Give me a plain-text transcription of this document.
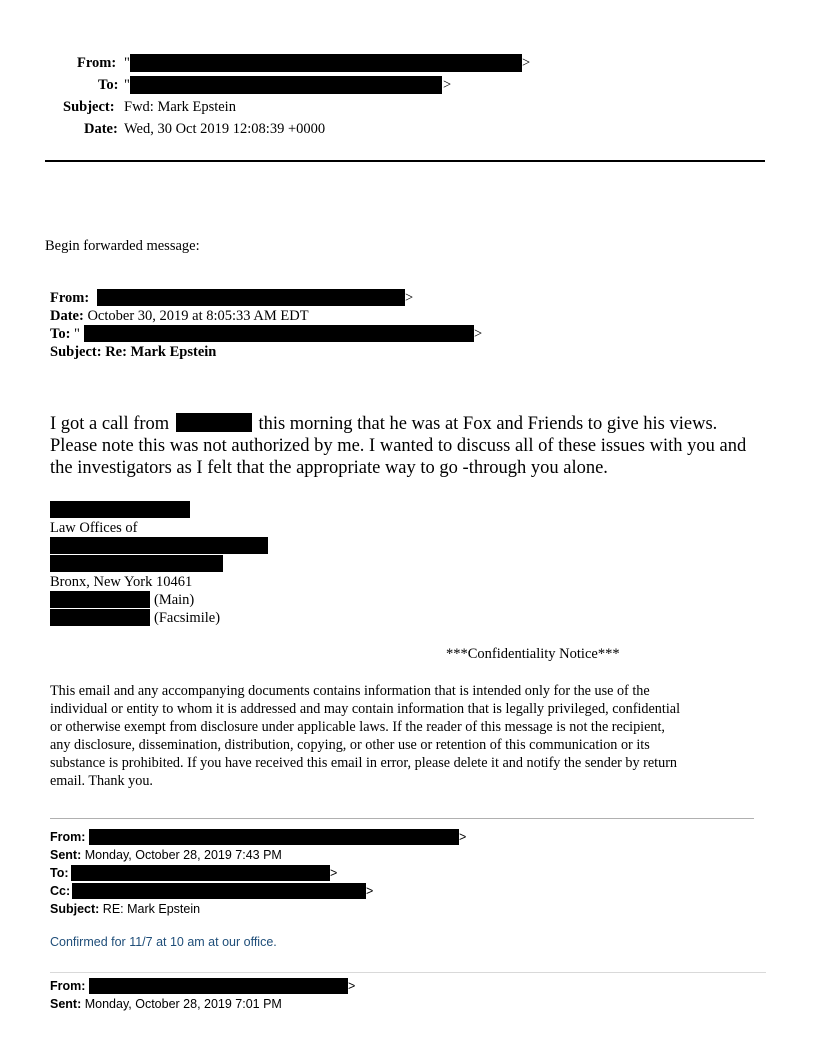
From: "	>
To: "	>
Subject: Fwd: Mark Epstein
Date: Wed, 30 Oct 2019 12:08:39 +0000
Begin forwarded message:
From:	>
Date: October 30, 2019 at 8:05:33 AM EDT
To: "	>
Subject: Re: Mark Epstein
I got a call from	this morning that he was at Fox and Friends to give his views.
Please note this was not authorized by me. I wanted to discuss all of these issues with you and
the investigators as I felt that the appropriate way to go -through you alone.
Law Offices of
Bronx, New York 10461
(Main)
(Facsimile)
***Confidentiality Notice***
This email and any accompanying documents contains information that is intended only for the use of the
individual or entity to whom it is addressed and may contain information that is legally privileged, confidential
or otherwise exempt from disclosure under applicable laws. If the reader of this message is not the recipient,
any disclosure, dissemination, distribution, copying, or other use or retention of this communication or its
substance is prohibited. If you have received this email in error, please delete it and notify the sender by return
email. Thank you.
From:	>
Sent: Monday, October 28, 2019 7:43 PM
To:	>
Cc:	>
Subject: RE: Mark Epstein
Confirmed for 11/7 at 10 am at our office.
From:	>
Sent: Monday, October 28, 2019 7:01 PM
